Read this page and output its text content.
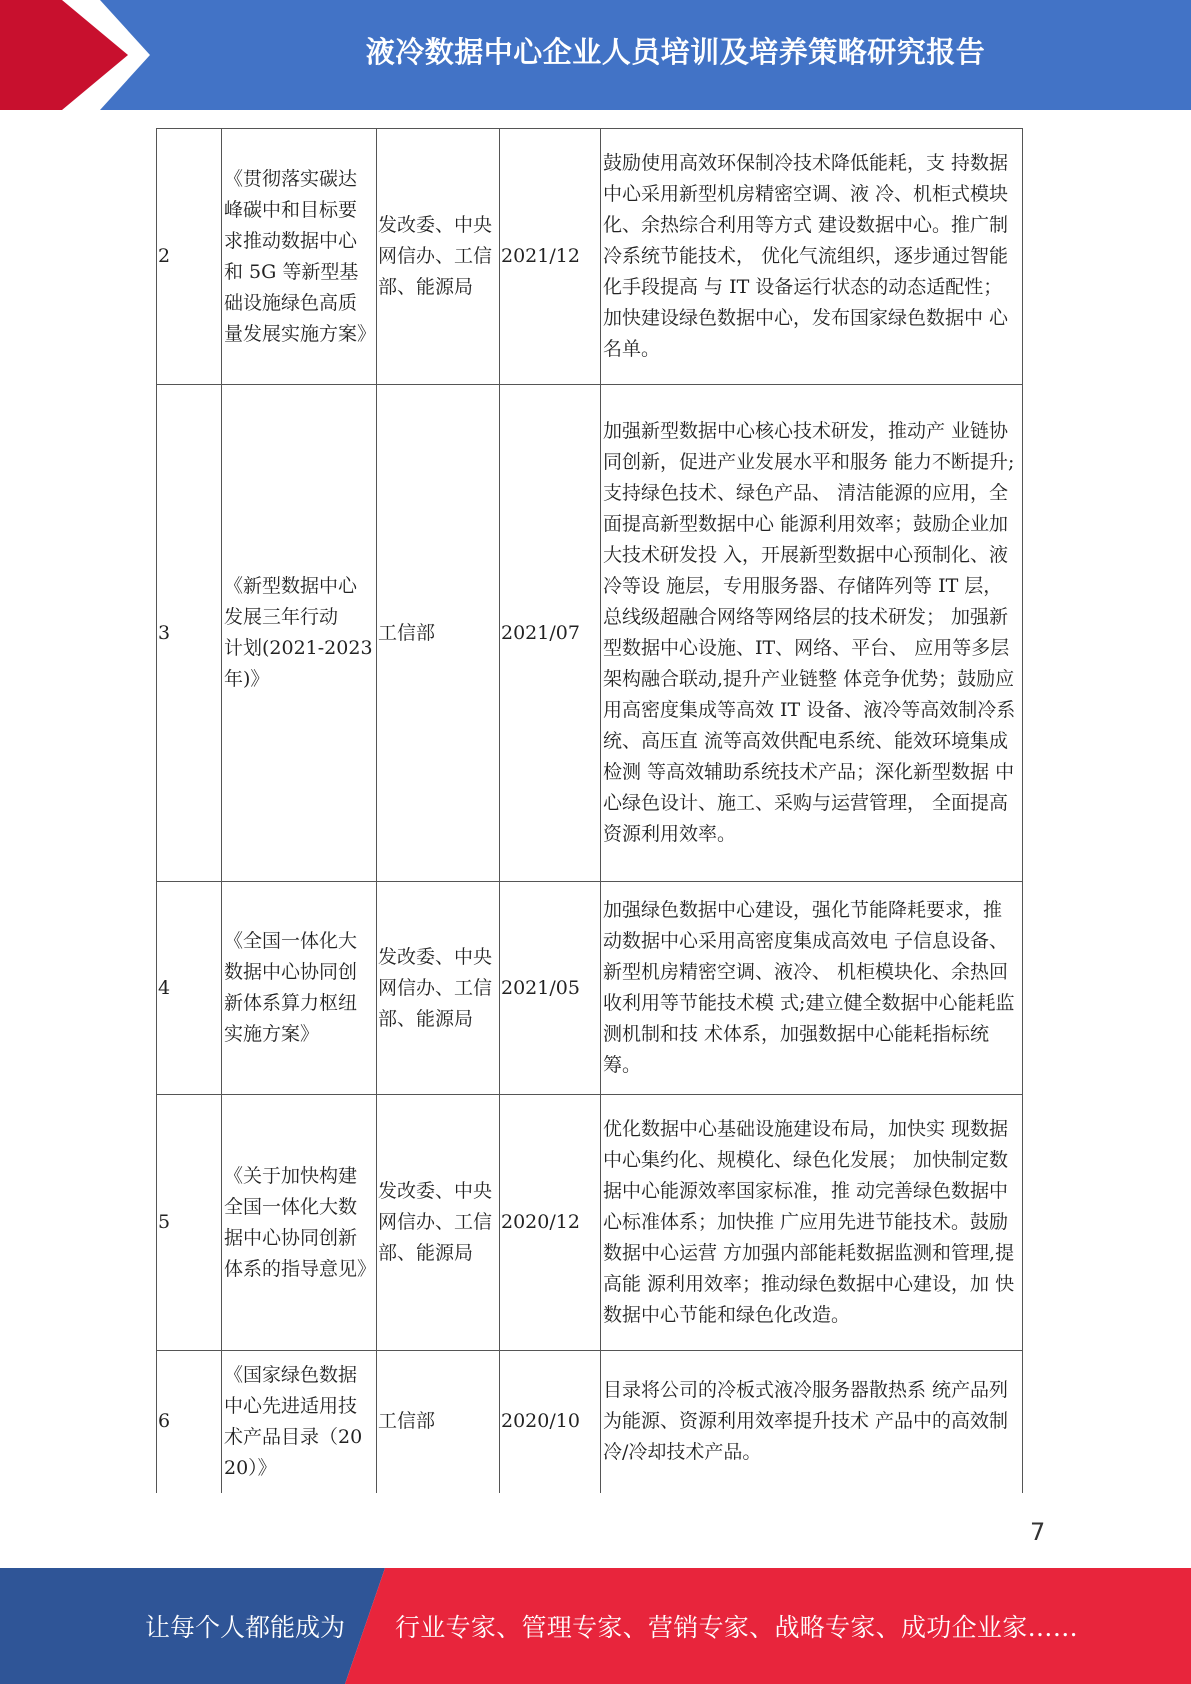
液冷数据中心企业人员培训及培养策略研究报告
2	《贯彻落实碳达峰碳中和目标要求推动数据中心和 5G 等新型基础设施绿色高质量发展实施方案》	发改委、中央网信办、工信部、能源局	2021/12	鼓励使用高效环保制冷技术降低能耗，支 持数据中心采用新型机房精密空调、液 冷、机柜式模块化、余热综合利用等方式 建设数据中心。推广制冷系统节能技术， 优化气流组织，逐步通过智能化手段提高 与 IT 设备运行状态的动态适配性；加快建设绿色数据中心，发布国家绿色数据中 心名单。
3	《新型数据中心发展三年行动　计划(2021-2023年)》	工信部	2021/07	加强新型数据中心核心技术研发，推动产 业链协同创新，促进产业发展水平和服务 能力不断提升;支持绿色技术、绿色产品、 清洁能源的应用，全面提高新型数据中心 能源利用效率；鼓励企业加大技术研发投 入，开展新型数据中心预制化、液冷等设 施层，专用服务器、存储阵列等 IT 层， 总线级超融合网络等网络层的技术研发； 加强新型数据中心设施、IT、网络、平台、 应用等多层架构融合联动,提升产业链整 体竞争优势；鼓励应用高密度集成等高效 IT 设备、液冷等高效制冷系统、高压直 流等高效供配电系统、能效环境集成检测 等高效辅助系统技术产品；深化新型数据 中心绿色设计、施工、采购与运营管理， 全面提高资源利用效率。
4	《全国一体化大数据中心协同创新体系算力枢纽实施方案》	发改委、中央网信办、工信部、能源局	2021/05	加强绿色数据中心建设，强化节能降耗要求，推动数据中心采用高密度集成高效电 子信息设备、新型机房精密空调、液冷、 机柜模块化、余热回收利用等节能技术模 式;建立健全数据中心能耗监测机制和技 术体系，加强数据中心能耗指标统筹。
5	《关于加快构建全国一体化大数据中心协同创新体系的指导意见》	发改委、中央网信办、工信部、能源局	2020/12	优化数据中心基础设施建设布局，加快实 现数据中心集约化、规模化、绿色化发展； 加快制定数据中心能源效率国家标准，推 动完善绿色数据中心标准体系；加快推 广应用先进节能技术。鼓励数据中心运营 方加强内部能耗数据监测和管理,提高能 源利用效率；推动绿色数据中心建设，加 快数据中心节能和绿色化改造。
6	《国家绿色数据中心先进适用技术产品目录（2020）》	工信部	2020/10	目录将公司的冷板式液冷服务器散热系 统产品列为能源、资源利用效率提升技术 产品中的高效制冷/冷却技术产品。
7
让每个人都能成为	行业专家、管理专家、营销专家、战略专家、成功企业家……
